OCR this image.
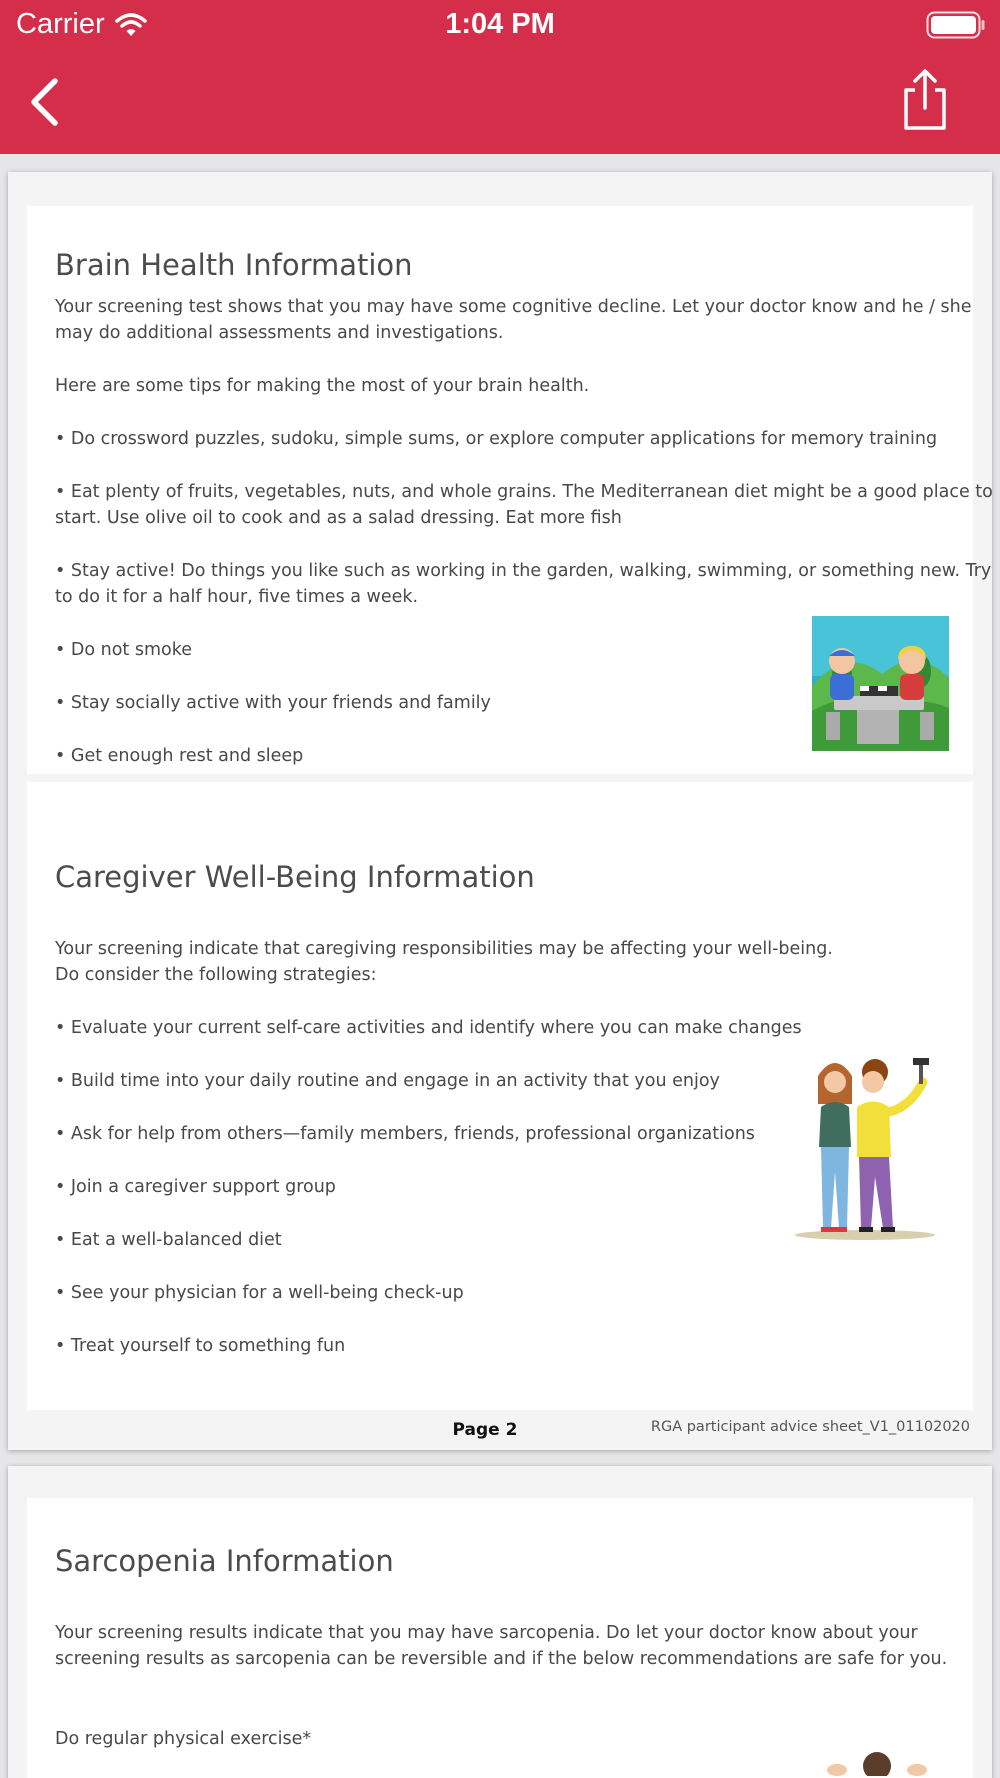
Carrier	1:04 PM
Brain Health Information
Your screening test shows that you may have some cognitive decline. Let your doctor know and he / she
may do additional assessments and investigations.
Here are some tips for making the most of your brain health.
• Do crossword puzzles, sudoku, simple sums, or explore computer applications for memory training
• Eat plenty of fruits, vegetables, nuts, and whole grains. The Mediterranean diet might be a good place to
start. Use olive oil to cook and as a salad dressing. Eat more fish
• Stay active! Do things you like such as working in the garden, walking, swimming, or something new. Try
to do it for a half hour, five times a week.
• Do not smoke
• Stay socially active with your friends and family
• Get enough rest and sleep
Caregiver Well-Being Information
Your screening indicate that caregiving responsibilities may be affecting your well-being.
Do consider the following strategies:
• Evaluate your current self-care activities and identify where you can make changes
• Build time into your daily routine and engage in an activity that you enjoy
• Ask for help from others—family members, friends, professional organizations
• Join a caregiver support group
• Eat a well-balanced diet
• See your physician for a well-being check-up
• Treat yourself to something fun
Page 2	RGA participant advice sheet_V1_01102020
Sarcopenia Information
Your screening results indicate that you may have sarcopenia. Do let your doctor know about your
screening results as sarcopenia can be reversible and if the below recommendations are safe for you.
Do regular physical exercise*
